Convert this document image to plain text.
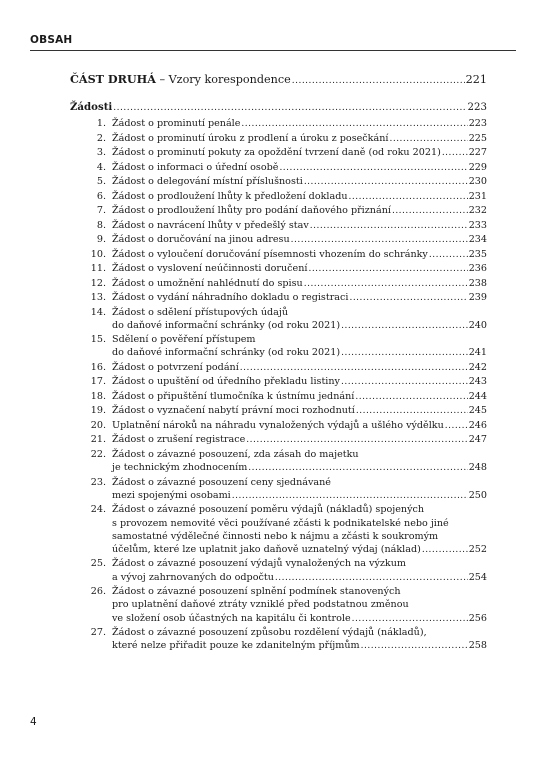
OBSAH
ČÁST DRUHÁ – Vzory korespondence .....	221
Žádosti .....	223
1. Žádost o prominutí penále .....	223
2. Žádost o prominutí úroku z prodlení a úroku z posečkání .....	225
3. Žádost o prominutí pokuty za opoždění tvrzení daně (od roku 2021) .....	227
4. Žádost o informaci o úřední osobě .....	229
5. Žádost o delegování místní příslušnosti .....	230
6. Žádost o prodloužení lhůty k předložení dokladu .....	231
7. Žádost o prodloužení lhůty pro podání daňového přiznání .....	232
8. Žádost o navrácení lhůty v předešlý stav .....	233
9. Žádost o doručování na jinou adresu .....	234
10. Žádost o vyloučení doručování písemnosti vhozením do schránky .....	235
11. Žádost o vyslovení neúčinnosti doručení .....	236
12. Žádost o umožnění nahlédnutí do spisu .....	238
13. Žádost o vydání náhradního dokladu o registraci .....	239
14. Žádost o sdělení přístupových údajů
do daňové informační schránky (od roku 2021) .....	240
15. Sdělení o pověření přístupem
do daňové informační schránky (od roku 2021) .....	241
16. Žádost o potvrzení podání .....	242
17. Žádost o upuštění od úředního překladu listiny .....	243
18. Žádost o připuštění tlumočníka k ústnímu jednání .....	244
19. Žádost o vyznačení nabytí právní moci rozhodnutí .....	245
20. Uplatnění nároků na náhradu vynaložených výdajů a ušlého výdělku .....	246
21. Žádost o zrušení registrace .....	247
22. Žádost o závazné posouzení, zda zásah do majetku
je technickým zhodnocením .....	248
23. Žádost o závazné posouzení ceny sjednávané
mezi spojenými osobami .....	250
24. Žádost o závazné posouzení poměru výdajů (nákladů) spojených
s provozem nemovité věci používané zčásti k podnikatelské nebo jiné
samostatné výdělečné činnosti nebo k nájmu a zčásti k soukromým
účelům, které lze uplatnit jako daňově uznatelný výdaj (náklad) .....	252
25. Žádost o závazné posouzení výdajů vynaložených na výzkum
a vývoj zahrnovaných do odpočtu .....	254
26. Žádost o závazné posouzení splnění podmínek stanovených
pro uplatnění daňové ztráty vzniklé před podstatnou změnou
ve složení osob účastných na kapitálu či kontrole .....	256
27. Žádost o závazné posouzení způsobu rozdělení výdajů (nákladů),
které nelze přiřadit pouze ke zdanitelným příjmům .....	258
4
